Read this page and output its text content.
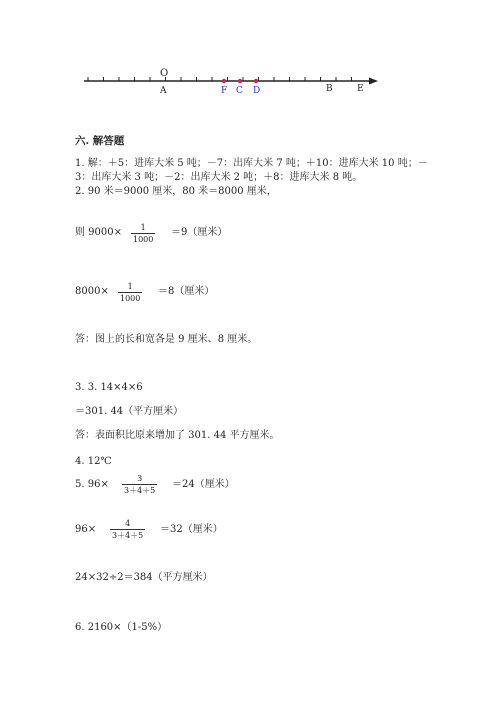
O
A	F C D	B	E
六. 解答题
1. 解：＋5：进库大米 5 吨；－7：出库大米 7 吨；＋10：进库大米 10 吨；－
3：出库大米 3 吨；－2：出库大米 2 吨；＋8：进库大米 8 吨。
2. 90 米＝9000 厘米，80 米＝8000 厘米，
则 9000× 1
1000
＝9（厘米）
8000× 1
1000
＝8（厘米）
答：图上的长和宽各是 9 厘米、8 厘米。
3. 3. 14×4×6
＝301. 44（平方厘米）
答：表面积比原来增加了 301. 44 平方厘米。
4. 12℃
5. 96×
3
3＋4＋5
＝24（厘米）
96×
4
3＋4＋5
＝32（厘米）
24×32÷2＝384（平方厘米）
6. 2160×（1-5%）
